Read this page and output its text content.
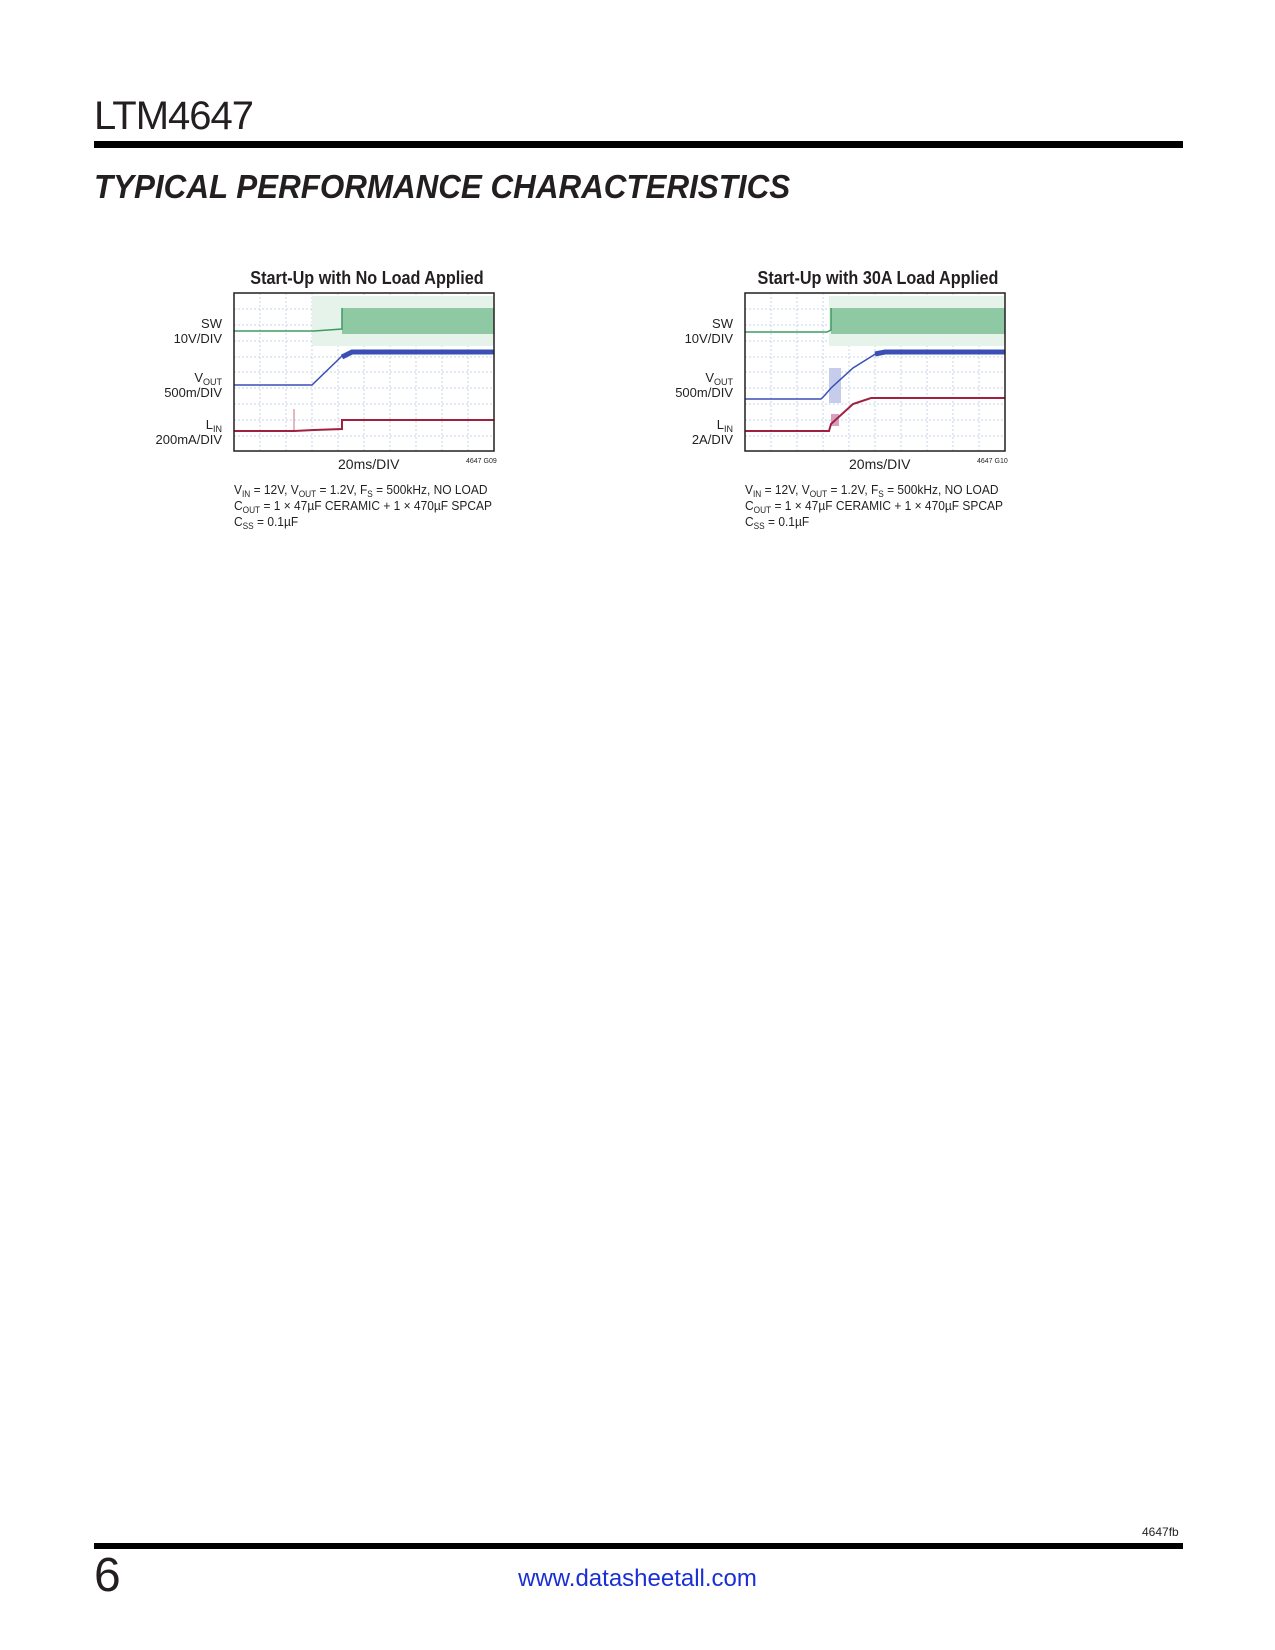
LTM4647
TYPICAL PERFORMANCE CHARACTERISTICS
Start-Up with No Load Applied
SW
10V/DIV
$V_{OUT}$
500m/DIV
$L_{IN}$
200mA/DIV
20ms/DIV	4647 G09
$V_{IN} = 12V$, $V_{OUT} = 1.2V$, $F_S = 500kHz$, NO LOAD
$C_{OUT} = 1 \times 47\mu F$ CERAMIC + 1 × 470µF SPCAP
$C_{SS} = 0.1\mu F$
Start-Up with 30A Load Applied
SW
10V/DIV
$V_{OUT}$
500m/DIV
$L_{IN}$
2A/DIV
20ms/DIV	4647 G10
$V_{IN} = 12V$, $V_{OUT} = 1.2V$, $F_S = 500kHz$, NO LOAD
$C_{OUT} = 1 \times 47\mu F$ CERAMIC + 1 × 470µF SPCAP
$C_{SS} = 0.1\mu F$
4647fb
6	www.datasheetall.com
